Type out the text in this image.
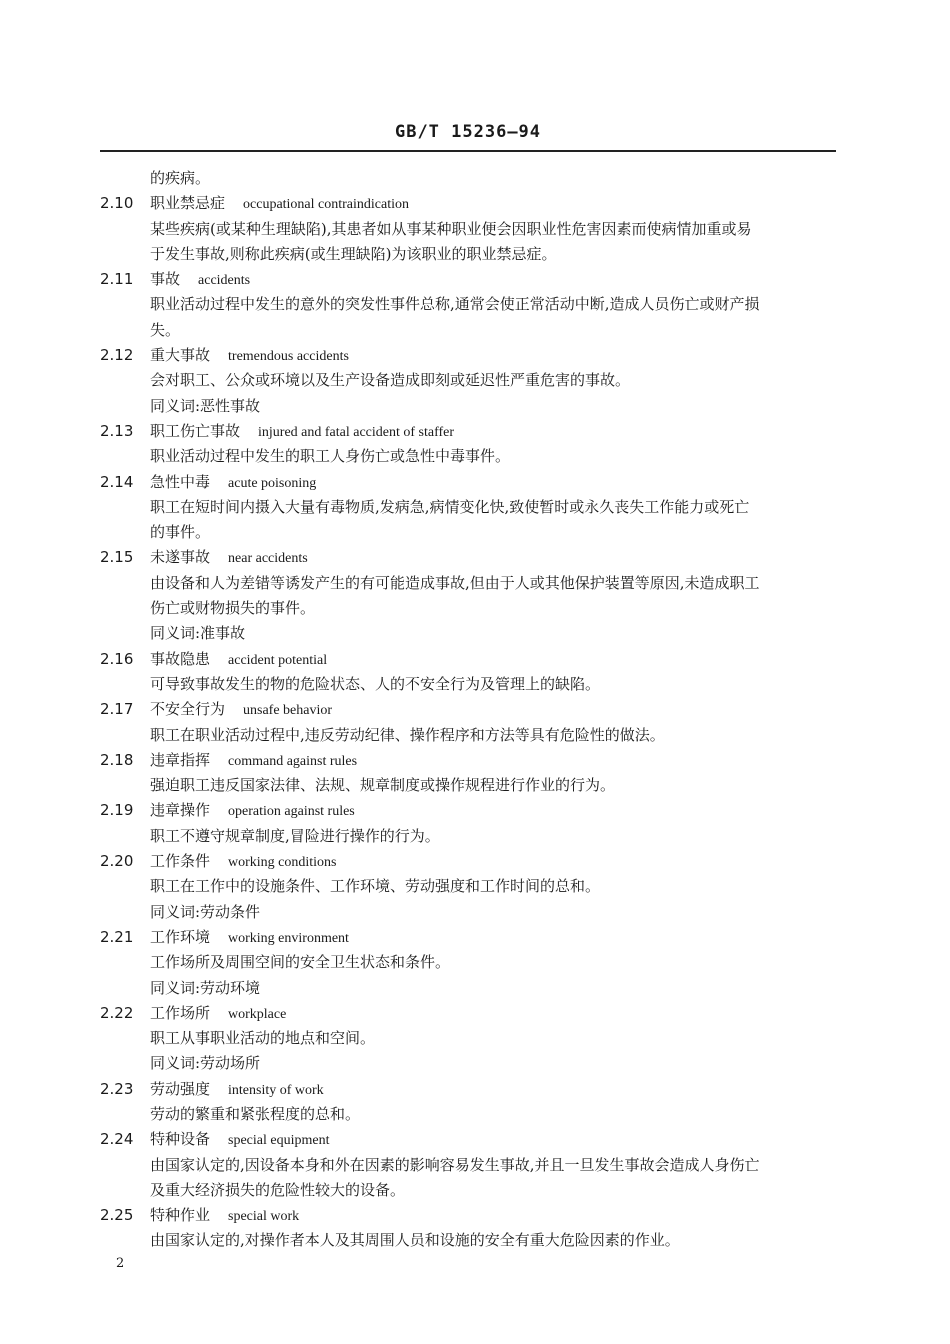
GB/T 15236—94
的疾病。
2.10	职业禁忌症 occupational contraindication
某些疾病(或某种生理缺陷),其患者如从事某种职业便会因职业性危害因素而使病情加重或易
于发生事故,则称此疾病(或生理缺陷)为该职业的职业禁忌症。
2.11	事故 accidents
职业活动过程中发生的意外的突发性事件总称,通常会使正常活动中断,造成人员伤亡或财产损
失。
2.12	重大事故 tremendous accidents
会对职工、公众或环境以及生产设备造成即刻或延迟性严重危害的事故。
同义词:恶性事故
2.13	职工伤亡事故 injured and fatal accident of staffer
职业活动过程中发生的职工人身伤亡或急性中毒事件。
2.14	急性中毒 acute poisoning
职工在短时间内摄入大量有毒物质,发病急,病情变化快,致使暂时或永久丧失工作能力或死亡
的事件。
2.15	未遂事故 near accidents
由设备和人为差错等诱发产生的有可能造成事故,但由于人或其他保护装置等原因,未造成职工
伤亡或财物损失的事件。
同义词:准事故
2.16	事故隐患 accident potential
可导致事故发生的物的危险状态、人的不安全行为及管理上的缺陷。
2.17	不安全行为 unsafe behavior
职工在职业活动过程中,违反劳动纪律、操作程序和方法等具有危险性的做法。
2.18	违章指挥 command against rules
强迫职工违反国家法律、法规、规章制度或操作规程进行作业的行为。
2.19	违章操作 operation against rules
职工不遵守规章制度,冒险进行操作的行为。
2.20	工作条件 working conditions
职工在工作中的设施条件、工作环境、劳动强度和工作时间的总和。
同义词:劳动条件
2.21	工作环境 working environment
工作场所及周围空间的安全卫生状态和条件。
同义词:劳动环境
2.22	工作场所 workplace
职工从事职业活动的地点和空间。
同义词:劳动场所
2.23	劳动强度 intensity of work
劳动的繁重和紧张程度的总和。
2.24	特种设备 special equipment
由国家认定的,因设备本身和外在因素的影响容易发生事故,并且一旦发生事故会造成人身伤亡
及重大经济损失的危险性较大的设备。
2.25	特种作业 special work
由国家认定的,对操作者本人及其周围人员和设施的安全有重大危险因素的作业。
2
